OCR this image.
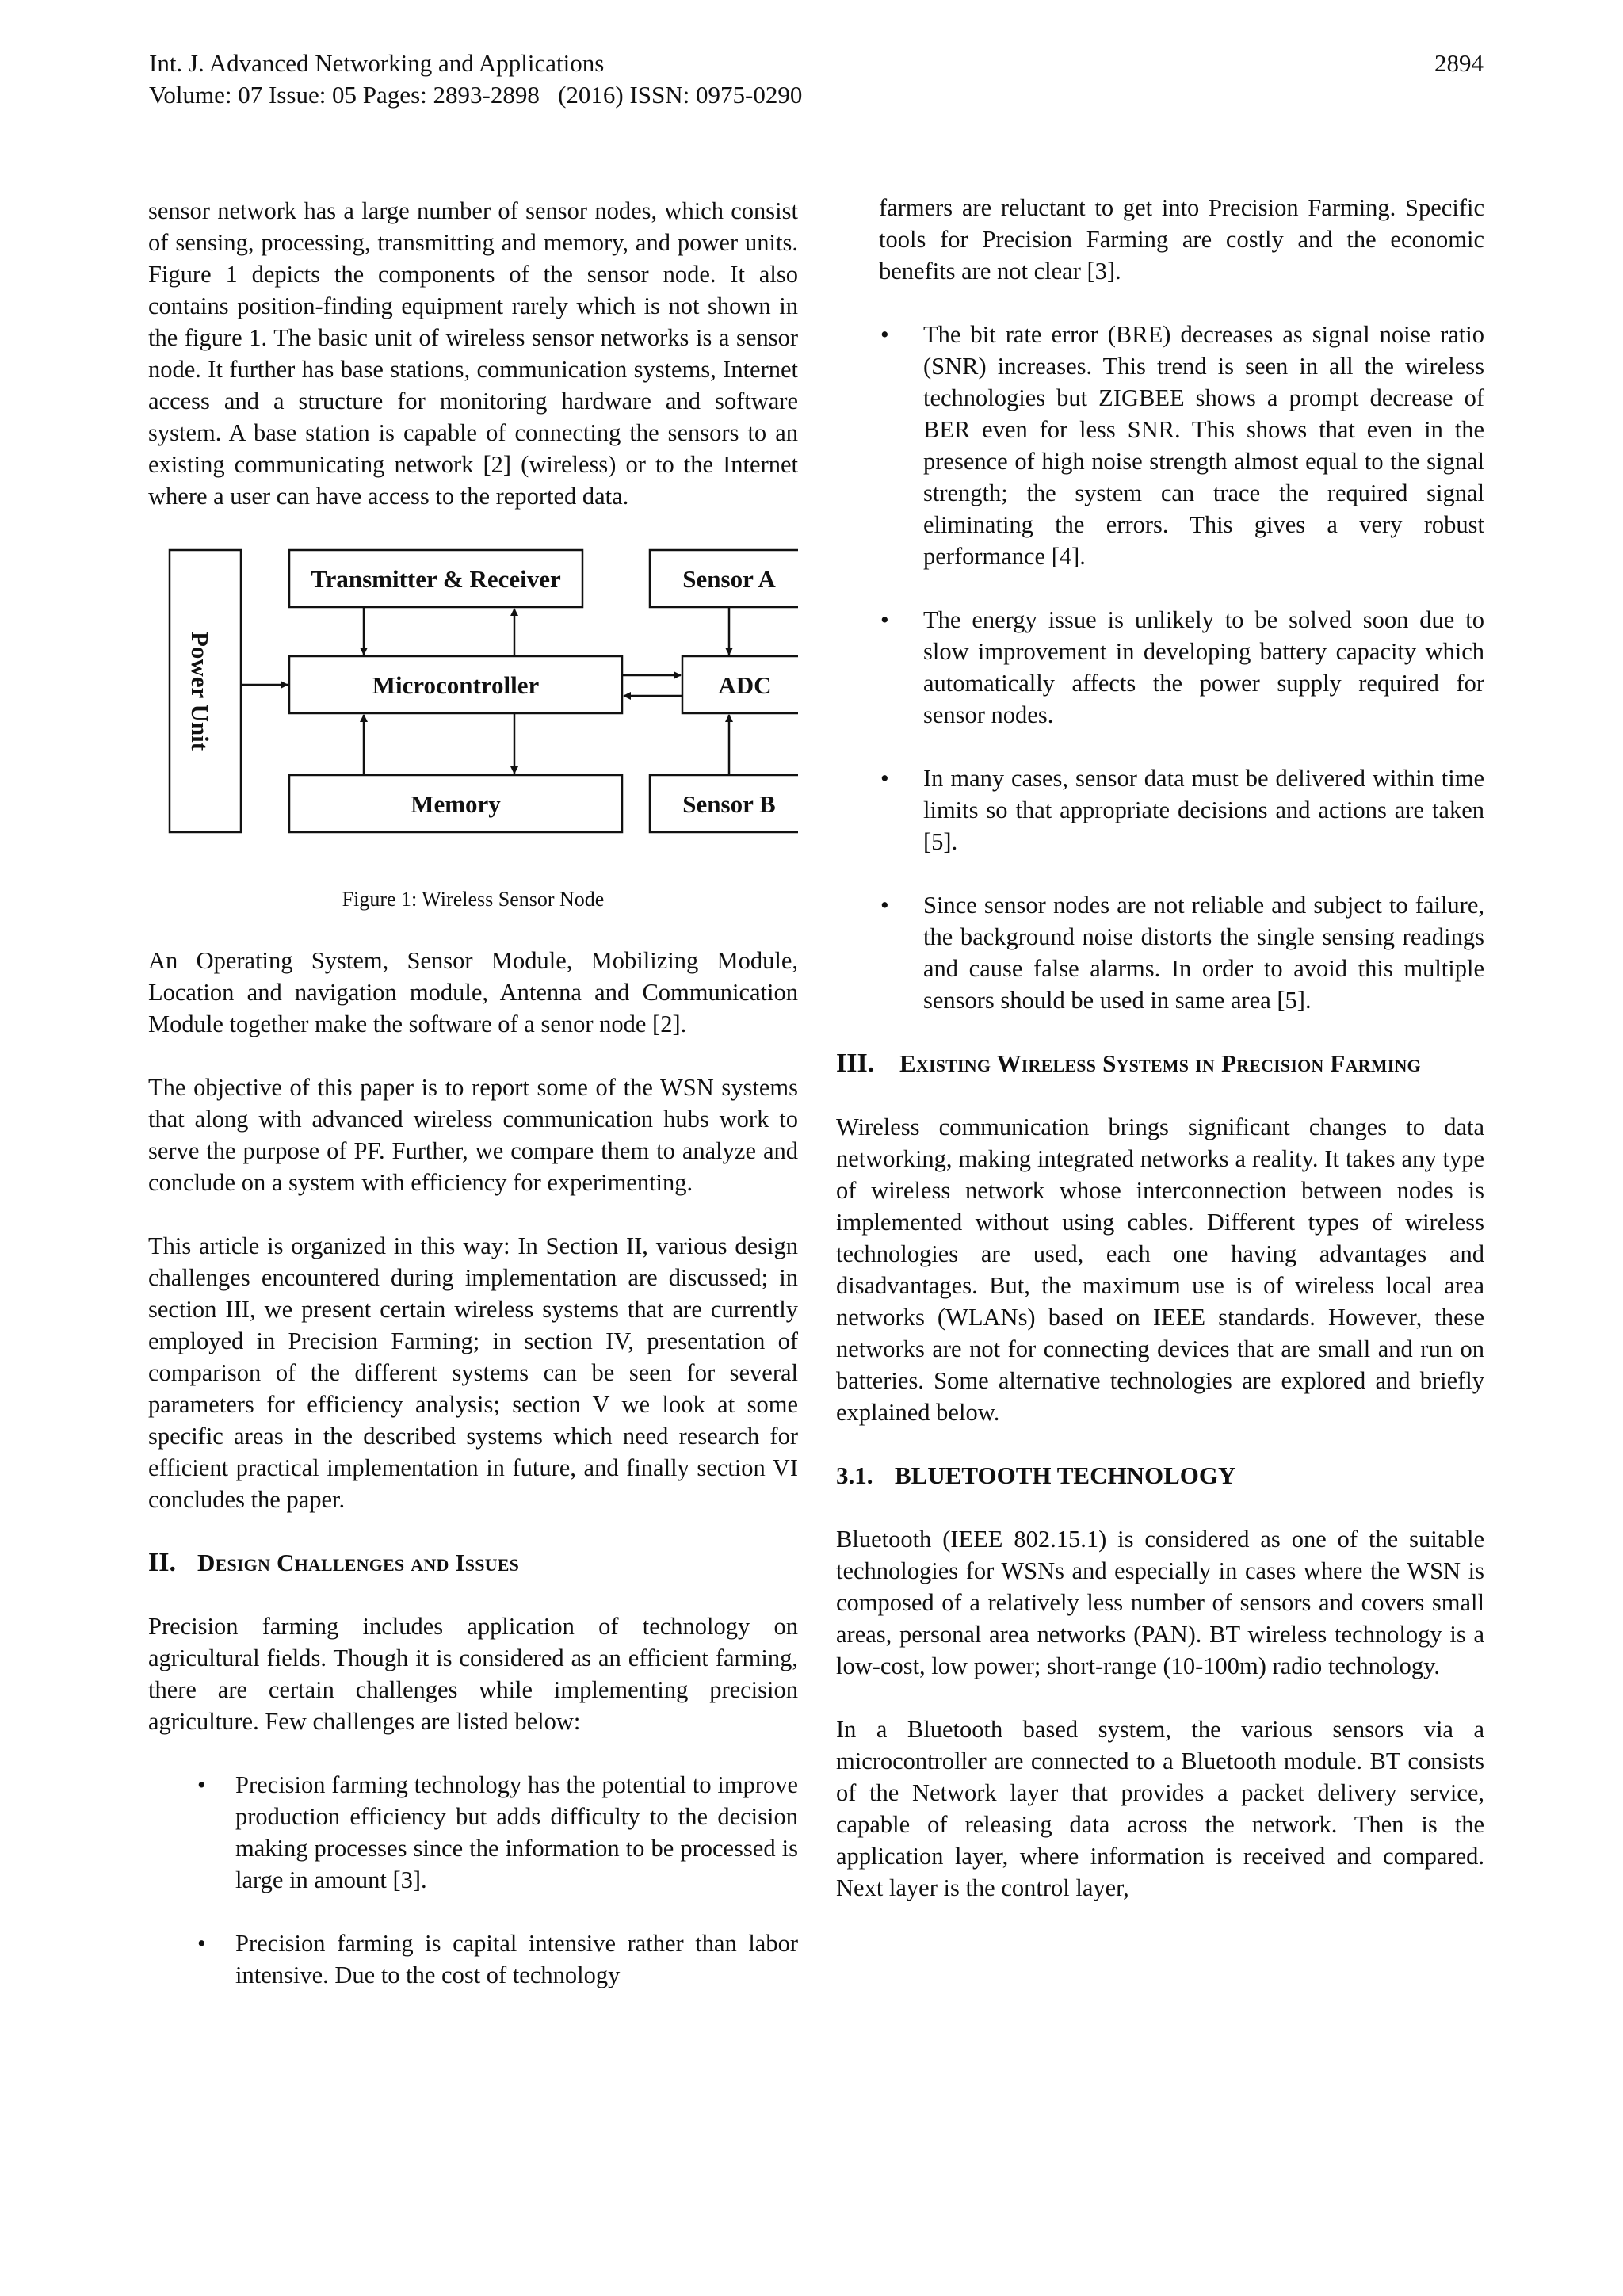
Int. J. Advanced Networking and Applications
Volume: 07 Issue: 05 Pages: 2893-2898   (2016) ISSN: 0975-0290
2894

sensor network has a large number of sensor nodes, which consist of sensing, processing, transmitting and memory, and power units. Figure 1 depicts the components of the sensor node. It also contains position-finding equipment rarely which is not shown in the figure 1. The basic unit of wireless sensor networks is a sensor node. It further has base stations, communication systems, Internet access and a structure for monitoring hardware and software system. A base station is capable of connecting the sensors to an existing communicating network [2] (wireless) or to the Internet where a user can have access to the reported data.

Transmitter & Receiver	Sensor A
Microcontroller	ADC
Memory	Sensor B
Power Unit
Figure 1: Wireless Sensor Node

An Operating System, Sensor Module, Mobilizing Module, Location and navigation module, Antenna and Communication Module together make the software of a senor node [2].

The objective of this paper is to report some of the WSN systems that along with advanced wireless communication hubs work to serve the purpose of PF. Further, we compare them to analyze and conclude on a system with efficiency for experimenting.

This article is organized in this way: In Section II, various design challenges encountered during implementation are discussed; in section III, we present certain wireless systems that are currently employed in Precision Farming; in section IV, presentation of comparison of the different systems can be seen for several parameters for efficiency analysis; section V we look at some specific areas in the described systems which need research for efficient practical implementation in future, and finally section VI concludes the paper.

II. Design Challenges and Issues

Precision farming includes application of technology on agricultural fields. Though it is considered as an efficient farming, there are certain challenges while implementing precision agriculture. Few challenges are listed below:

• Precision farming technology has the potential to improve production efficiency but adds difficulty to the decision making processes since the information to be processed is large in amount [3].
• Precision farming is capital intensive rather than labor intensive. Due to the cost of technology

farmers are reluctant to get into Precision Farming. Specific tools for Precision Farming are costly and the economic benefits are not clear [3].

• The bit rate error (BRE) decreases as signal noise ratio (SNR) increases. This trend is seen in all the wireless technologies but ZIGBEE shows a prompt decrease of BER even for less SNR. This shows that even in the presence of high noise strength almost equal to the signal strength; the system can trace the required signal eliminating the errors. This gives a very robust performance [4].
• The energy issue is unlikely to be solved soon due to slow improvement in developing battery capacity which automatically affects the power supply required for sensor nodes.
• In many cases, sensor data must be delivered within time limits so that appropriate decisions and actions are taken [5].
• Since sensor nodes are not reliable and subject to failure, the background noise distorts the single sensing readings and cause false alarms. In order to avoid this multiple sensors should be used in same area [5].
III.	Existing Wireless Systems in Precision Farming

Wireless communication brings significant changes to data networking, making integrated networks a reality. It takes any type of wireless network whose interconnection between nodes is implemented without using cables. Different types of wireless technologies are used, each one having advantages and disadvantages. But, the maximum use is of wireless local area networks (WLANs) based on IEEE standards. However, these networks are not for connecting devices that are small and run on batteries. Some alternative technologies are explored and briefly explained below.

3.1. BLUETOOTH TECHNOLOGY

Bluetooth (IEEE 802.15.1) is considered as one of the suitable technologies for WSNs and especially in cases where the WSN is composed of a relatively less number of sensors and covers small areas, personal area networks (PAN). BT wireless technology is a low-cost, low power; short-range (10-100m) radio technology.

In a Bluetooth based system, the various sensors via a microcontroller are connected to a Bluetooth module. BT consists of the Network layer that provides a packet delivery service, capable of releasing data across the network. Then is the application layer, where information is received and compared. Next layer is the control layer,
